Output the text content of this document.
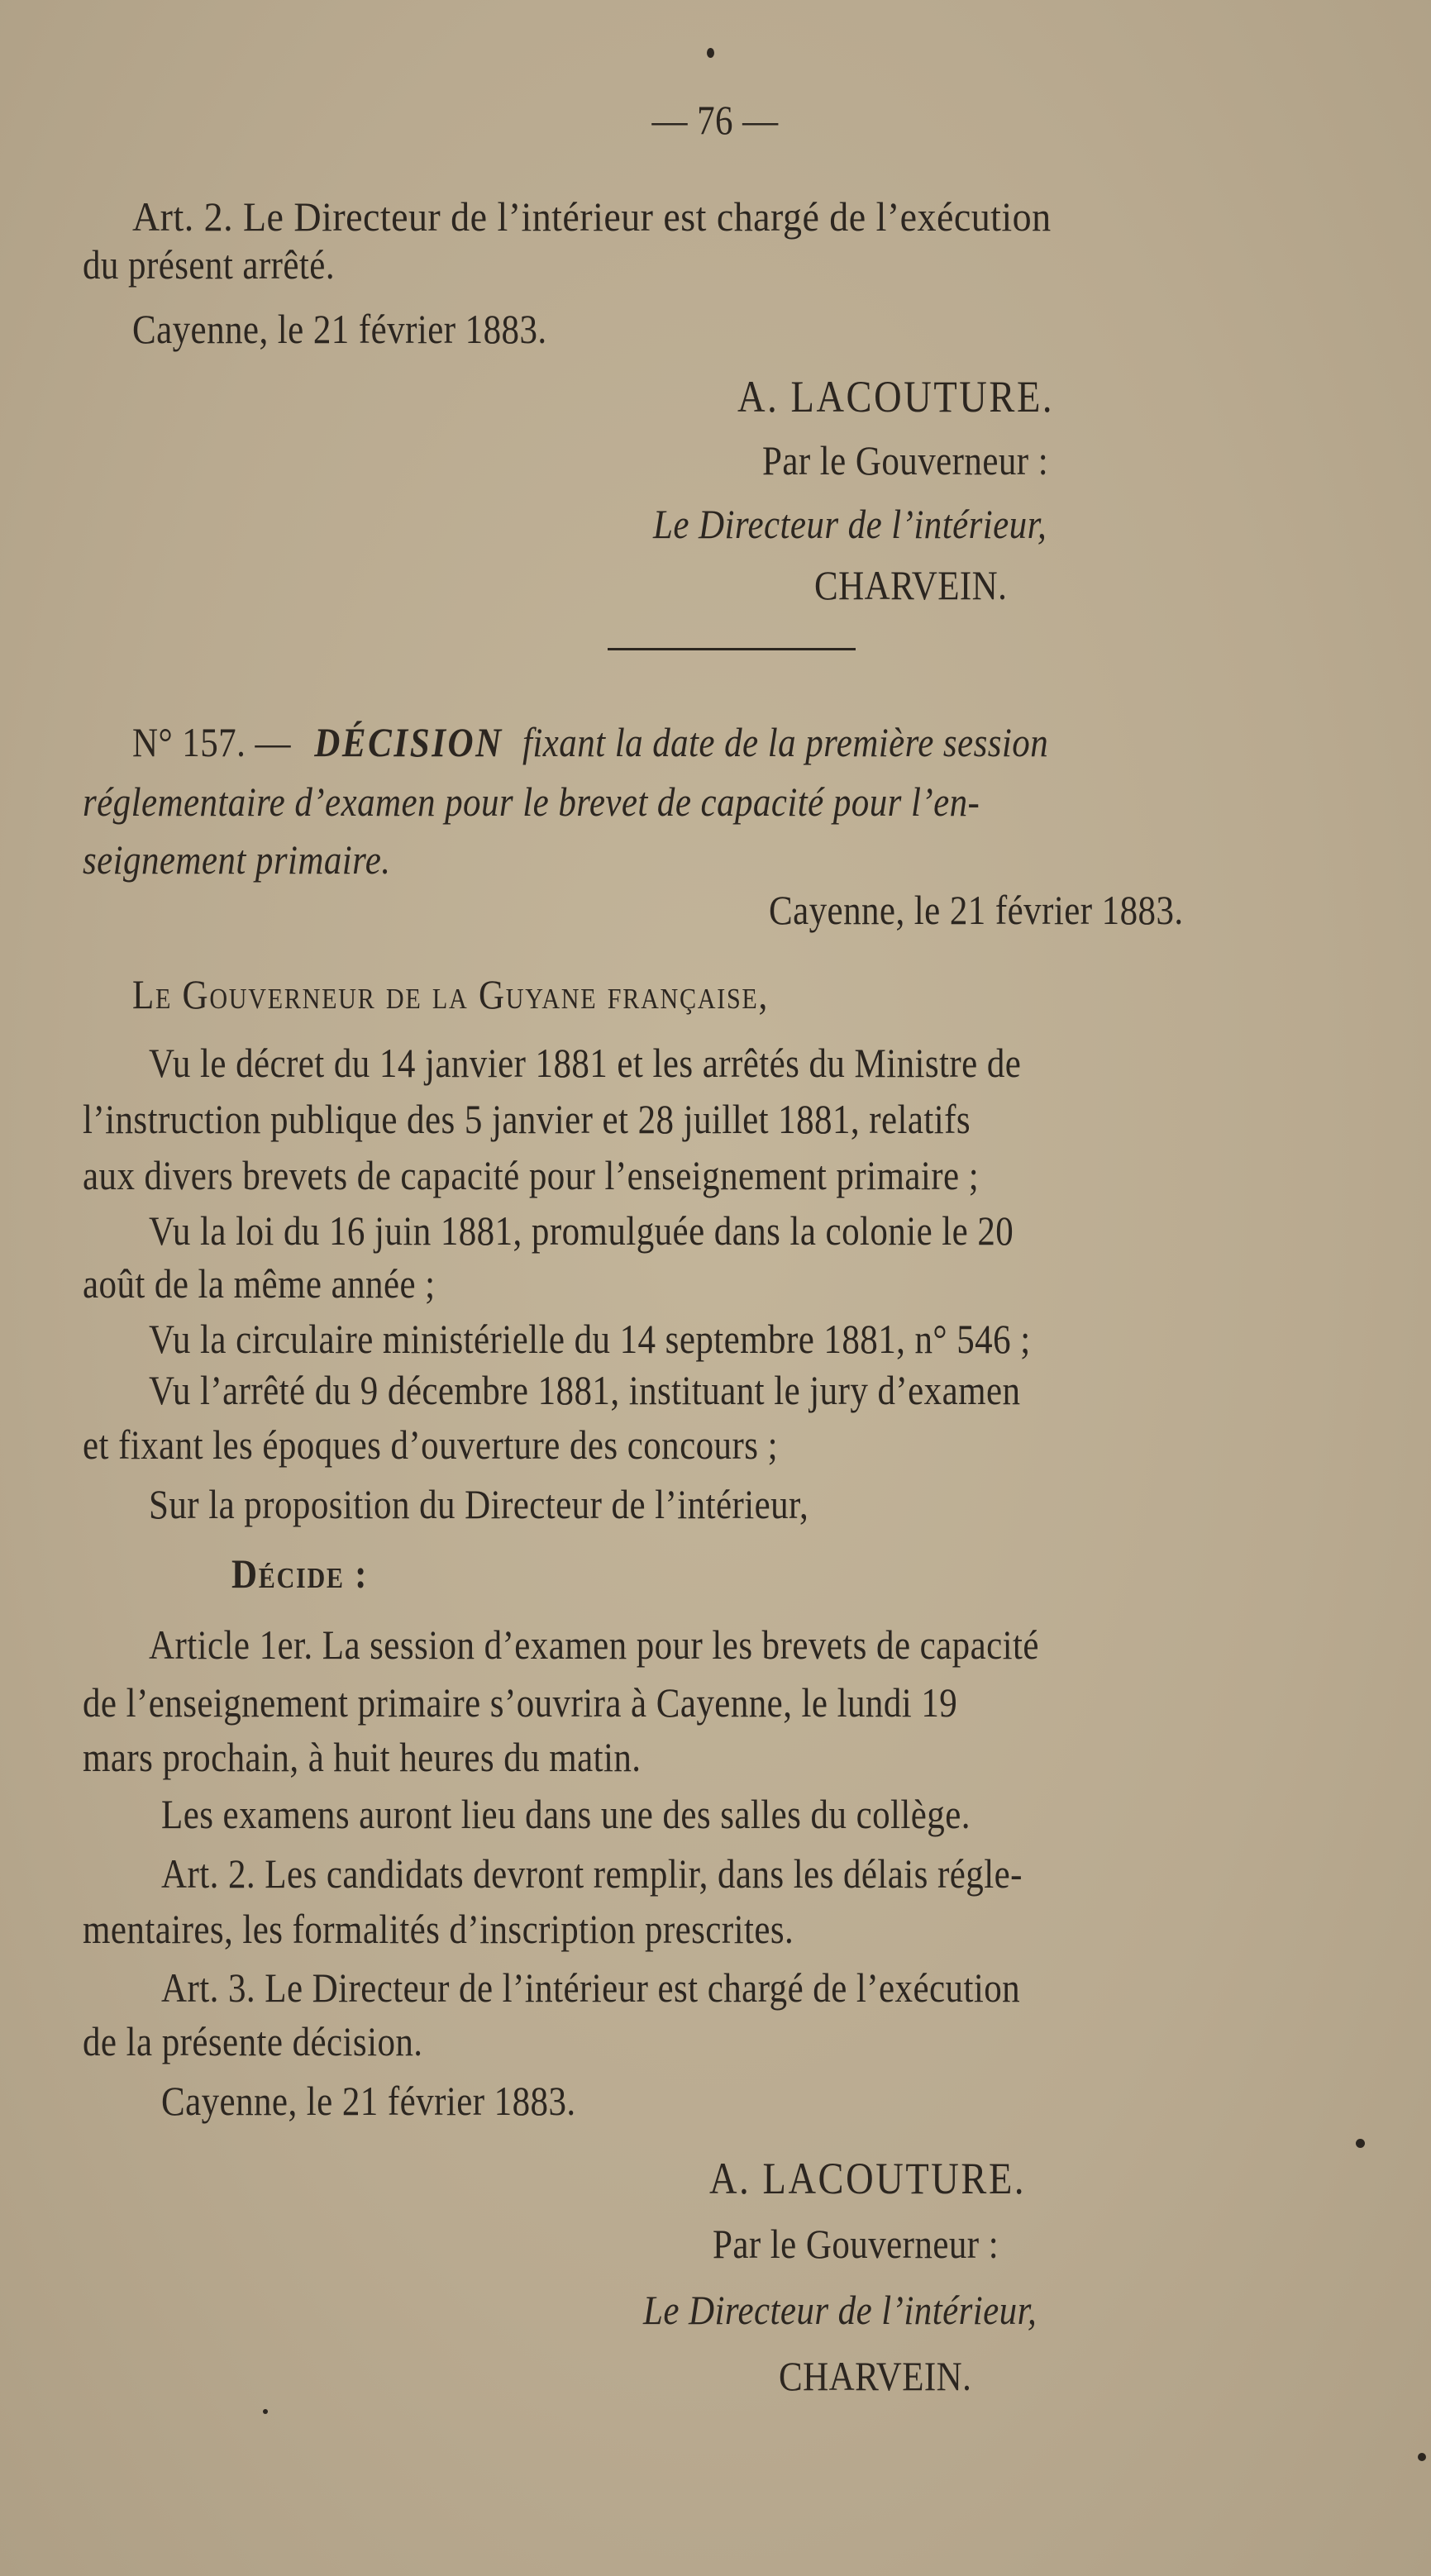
— 76 —
Art. 2. Le Directeur de l’intérieur est chargé de l’exécution
du présent arrêté.
Cayenne, le 21 février 1883.
A. LACOUTURE.
Par le Gouverneur :
Le Directeur de l’intérieur,
CHARVEIN.
N° 157. — DÉCISION fixant la date de la première session
réglementaire d’examen pour le brevet de capacité pour l’en-
seignement primaire.
Cayenne, le 21 février 1883.
Le Gouverneur de la Guyane française,
Vu le décret du 14 janvier 1881 et les arrêtés du Ministre de
l’instruction publique des 5 janvier et 28 juillet 1881, relatifs
aux divers brevets de capacité pour l’enseignement primaire ;
Vu la loi du 16 juin 1881, promulguée dans la colonie le 20
août de la même année ;
Vu la circulaire ministérielle du 14 septembre 1881, n° 546 ;
Vu l’arrêté du 9 décembre 1881, instituant le jury d’examen
et fixant les époques d’ouverture des concours ;
Sur la proposition du Directeur de l’intérieur,
Décide :
Article 1er. La session d’examen pour les brevets de capacité
de l’enseignement primaire s’ouvrira à Cayenne, le lundi 19
mars prochain, à huit heures du matin.
Les examens auront lieu dans une des salles du collège.
Art. 2. Les candidats devront remplir, dans les délais régle-
mentaires, les formalités d’inscription prescrites.
Art. 3. Le Directeur de l’intérieur est chargé de l’exécution
de la présente décision.
Cayenne, le 21 février 1883.
A. LACOUTURE.
Par le Gouverneur :
Le Directeur de l’intérieur,
CHARVEIN.
